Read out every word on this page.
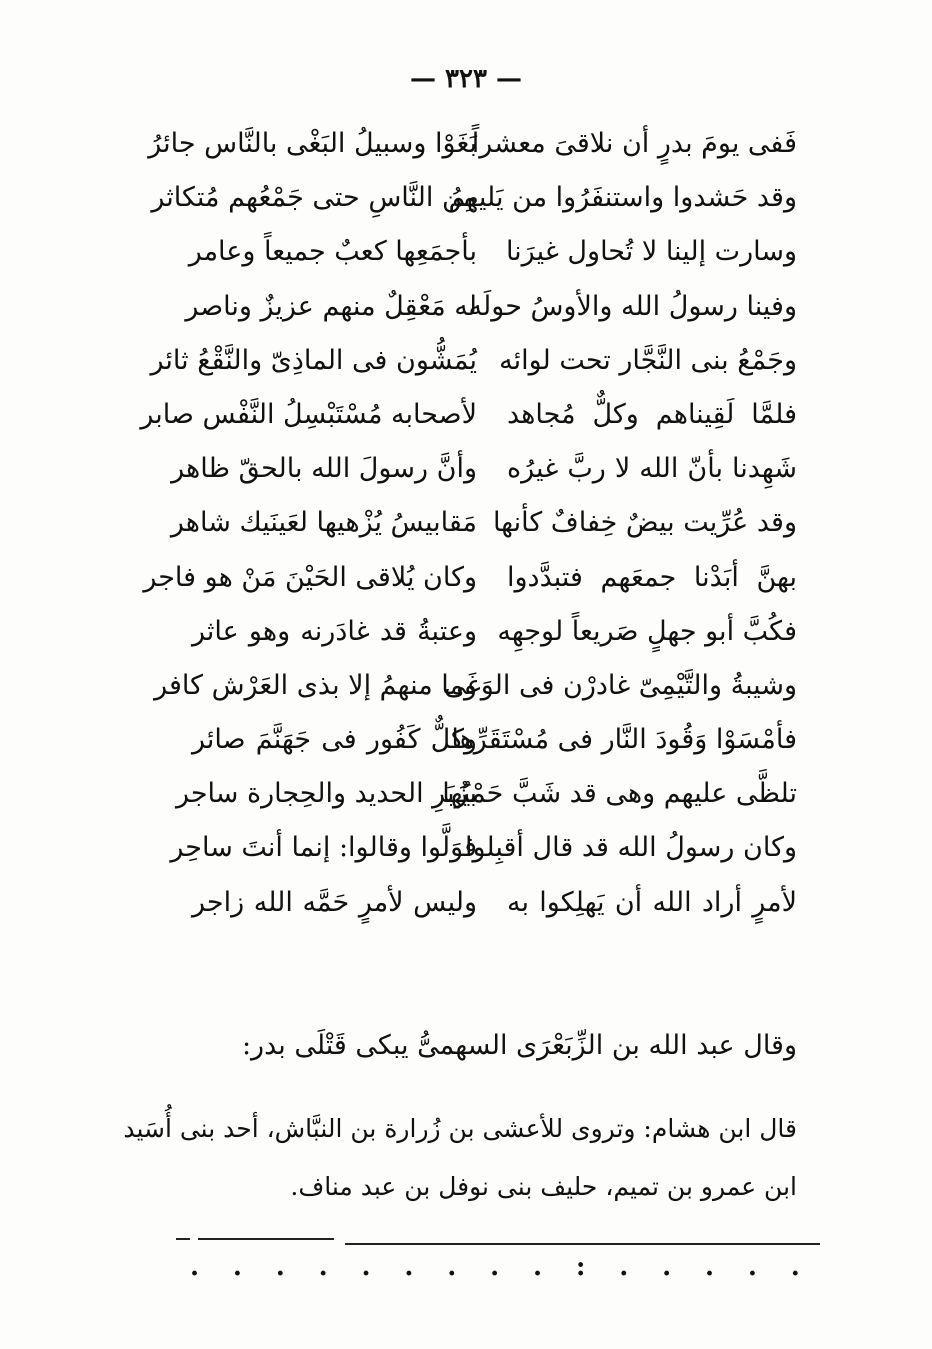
— ٣٢٣ —
فَفى يومَ بدرٍ أن نلاقىَ معشراً
بَغَوْا وسبيلُ البَغْى بالنَّاس جائرُ
وقد حَشدوا واستنفَرُوا من يَليهمُ
مِن النَّاسِ حتى جَمْعُهم مُتكاثر
وسارت إلينا لا تُحاول غيرَنا
بأجمَعِها كعبٌ جميعاً وعامر
وفينا رسولُ الله والأوسُ حولَه
له مَعْقِلٌ منهم عزيزٌ وناصر
وجَمْعُ بنى النَّجَّار تحت لوائه
يُمَشُّون فى الماذِىّ والنَّقْعُ ثائر
فلمَّا لَقِيناهم وكلٌّ مُجاهد
لأصحابه مُسْتَبْسِلُ النَّفْس صابر
شَهِدنا بأنّ الله لا ربَّ غيرُه
وأنَّ رسولَ الله بالحقّ ظاهر
وقد عُرِّيت بيضٌ خِفافٌ كأنها
مَقابيسُ يُزْهيها لعَينَيك شاهر
بهنَّ أبَدْنا جمعَهم فتبدَّدوا
وكان يُلاقى الحَيْنَ مَنْ هو فاجر
فكُبَّ أبو جهلٍ صَريعاً لوجهِه
وعتبةُ قد غادَرنه وهو عاثر
وشيبةُ والتَّيْمِىّ غادرْن فى الوَغَى
وما منهمُ إلا بذى العَرْش كافر
فأمْسَوْا وَقُودَ النَّار فى مُسْتَقَرِّها
وكلٌّ كَفُور فى جَهَنَّمَ صائر
تلظَّى عليهم وهى قد شَبَّ حَمْيُها
بزُبَرِ الحديد والحِجارة ساجر
وكان رسولُ الله قد قال أقبِلوا
فوَلَّوا وقالوا: إنما أنتَ ساحِر
لأمرٍ أراد الله أن يَهلِكوا به
وليس لأمرٍ حَمَّه الله زاجر
وقال عبد الله بن الزِّبَعْرَى السهمىُّ يبكى قَتْلَى بدر:
قال ابن هشام: وتروى للأعشى بن زُرارة بن النبَّاش، أحد بنى أُسَيد
ابن عمرو بن تميم، حليف بنى نوفل بن عبد مناف.
. . . . . . . . . : . . . . .
